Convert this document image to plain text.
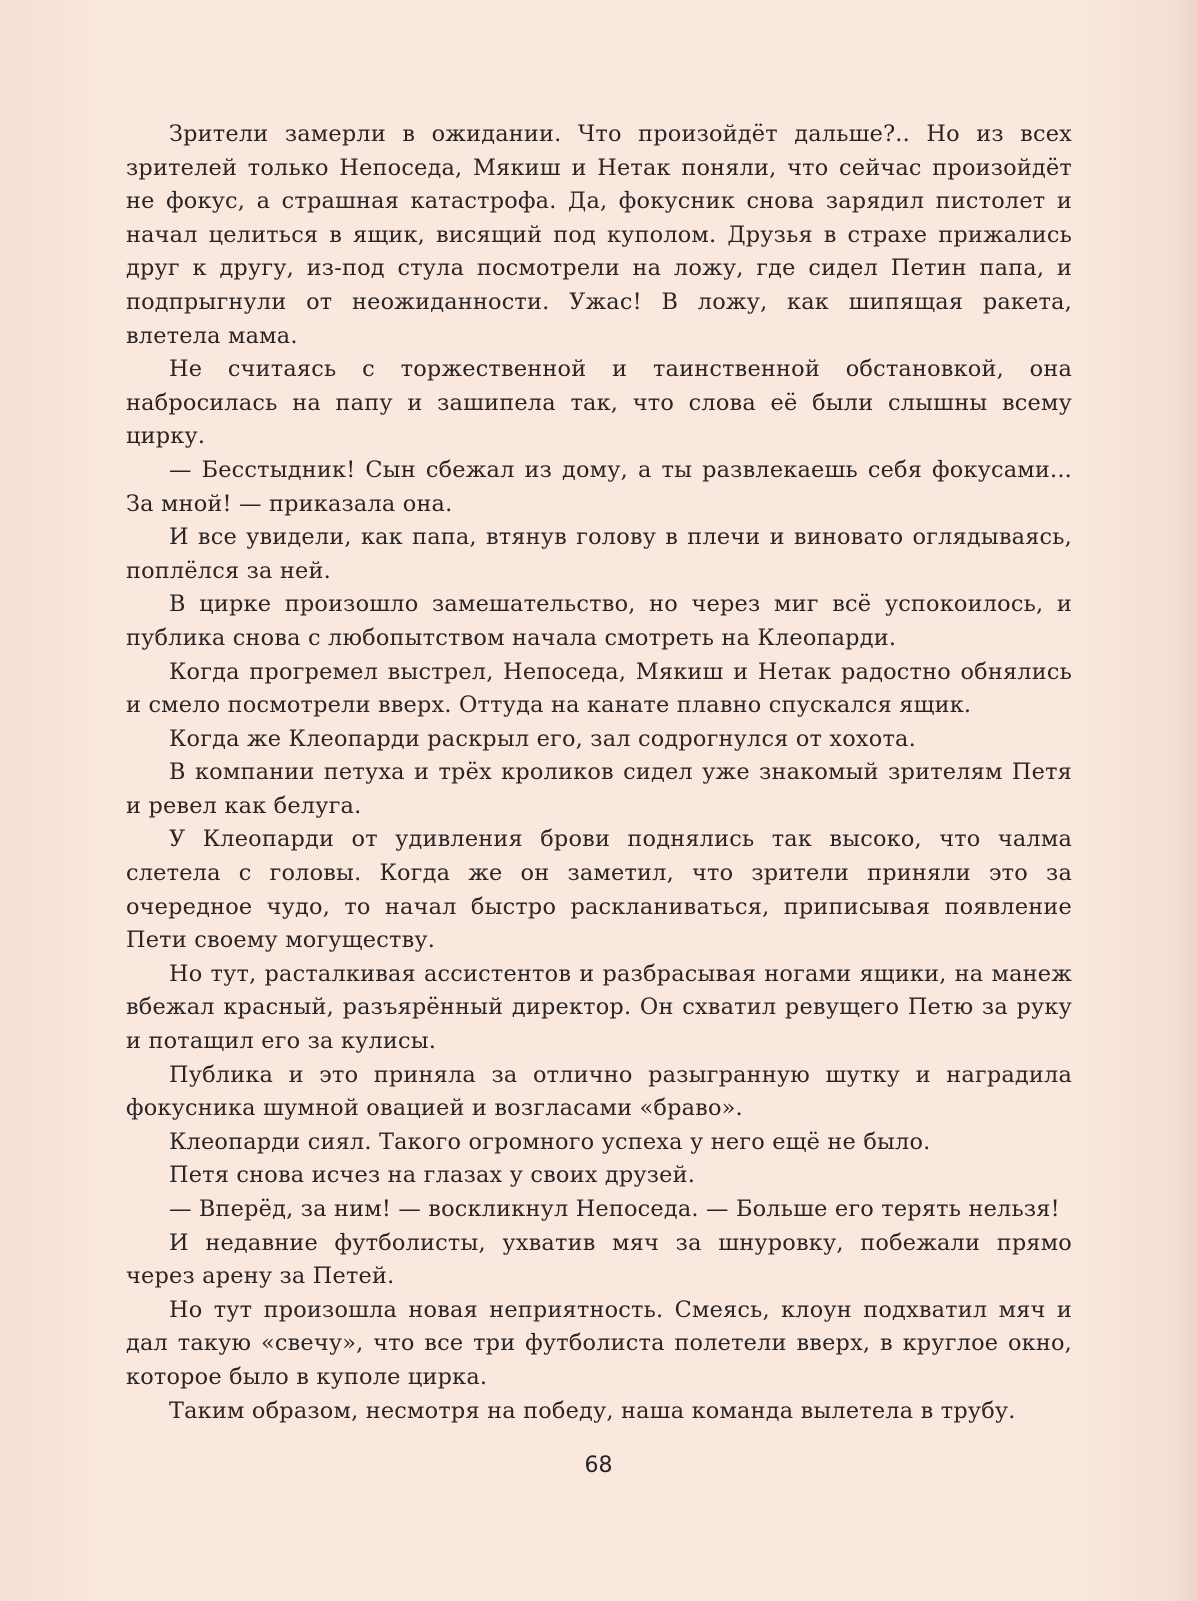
Зрители замерли в ожидании. Что произойдёт дальше?.. Но из всех зрителей только Непоседа, Мякиш и Нетак поняли, что сейчас произойдёт не фокус, а страшная катастрофа. Да, фокусник снова зарядил пистолет и начал целиться в ящик, висящий под куполом. Друзья в страхе прижались друг к другу, из-под стула посмотрели на ложу, где сидел Петин папа, и подпрыгнули от неожиданности. Ужас! В ложу, как шипящая ракета, влетела мама.

Не считаясь с торжественной и таинственной обстановкой, она набросилась на папу и зашипела так, что слова её были слышны всему цирку.

— Бесстыдник! Сын сбежал из дому, а ты развлекаешь себя фокусами... За мной! — приказала она.

И все увидели, как папа, втянув голову в плечи и виновато оглядываясь, поплёлся за ней.

В цирке произошло замешательство, но через миг всё успокоилось, и публика снова с любопытством начала смотреть на Клеопарди.

Когда прогремел выстрел, Непоседа, Мякиш и Нетак радостно обнялись и смело посмотрели вверх. Оттуда на канате плавно спускался ящик.

Когда же Клеопарди раскрыл его, зал содрогнулся от хохота.

В компании петуха и трёх кроликов сидел уже знакомый зрителям Петя и ревел как белуга.

У Клеопарди от удивления брови поднялись так высоко, что чалма слетела с головы. Когда же он заметил, что зрители приняли это за очередное чудо, то начал быстро раскланиваться, приписывая появление Пети своему могуществу.

Но тут, расталкивая ассистентов и разбрасывая ногами ящики, на манеж вбежал красный, разъярённый директор. Он схватил ревущего Петю за руку и потащил его за кулисы.

Публика и это приняла за отлично разыгранную шутку и наградила фокусника шумной овацией и возгласами «браво».

Клеопарди сиял. Такого огромного успеха у него ещё не было.

Петя снова исчез на глазах у своих друзей.

— Вперёд, за ним! — воскликнул Непоседа. — Больше его терять нельзя!

И недавние футболисты, ухватив мяч за шнуровку, побежали прямо через арену за Петей.

Но тут произошла новая неприятность. Смеясь, клоун подхватил мяч и дал такую «свечу», что все три футболиста полетели вверх, в круглое окно, которое было в куполе цирка.

Таким образом, несмотря на победу, наша команда вылетела в трубу.

68
